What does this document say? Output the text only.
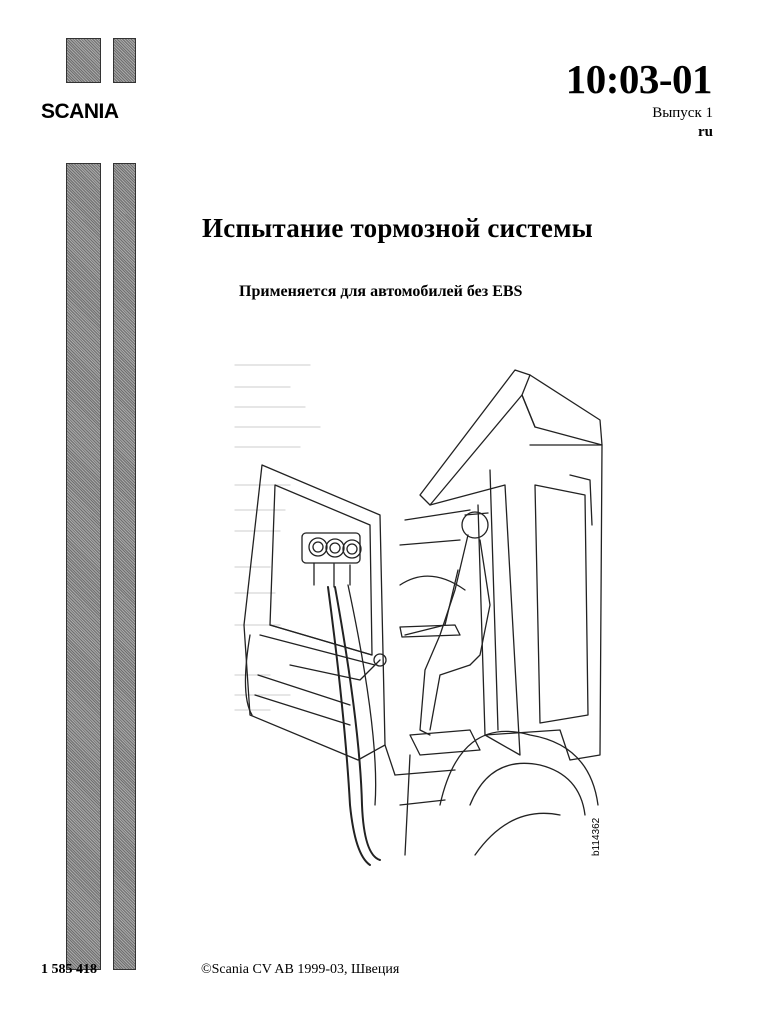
SCANIA
10:03-01
Выпуск 1
ru
Испытание тормозной системы
Применяется для автомобилей без EBS
b114362
1 585 418	©Scania CV AB 1999-03, Швеция
